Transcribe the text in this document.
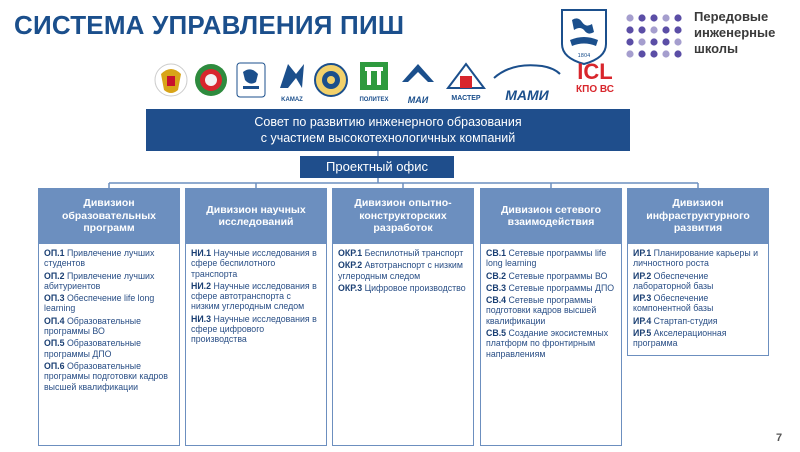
СИСТЕМА УПРАВЛЕНИЯ ПИШ
1804
Передовые
инженерные
школы
KAMAZ	ПОЛИТЕХ	МАИ	МАСТЕР	МАМИ
ICL
КПО ВС
Совет по развитию инженерного образования
с участием высокотехнологичных компаний
Проектный офис
Дивизион образовательных программ
ОП.1 Привлечение лучших студентов
ОП.2 Привлечение лучших абитуриентов
ОП.3 Обеспечение life long learning
ОП.4 Образовательные программы ВО
ОП.5 Образовательные программы ДПО
ОП.6 Образовательные программы подготовки кадров высшей квалификации
Дивизион научных исследований
НИ.1 Научные исследования в сфере беспилотного транспорта
НИ.2 Научные исследования в сфере автотранспорта с низким углеродным следом
НИ.3 Научные исследования в сфере цифрового производства
Дивизион опытно-конструкторских разработок
ОКР.1 Беспилотный транспорт
ОКР.2 Автотранспорт с низким углеродным следом
ОКР.3 Цифровое производство
Дивизион сетевого взаимодействия
СВ.1 Сетевые программы life long learning
СВ.2 Сетевые программы ВО
СВ.3 Сетевые программы ДПО
СВ.4 Сетевые программы подготовки кадров высшей квалификации
СВ.5 Создание экосистемных платформ по фронтирным направлениям
Дивизион инфраструктурного развития
ИР.1 Планирование карьеры и личностного роста
ИР.2 Обеспечение лабораторной базы
ИР.3 Обеспечение компонентной базы
ИР.4 Стартап-студия
ИР.5 Акселерационная программа
7
